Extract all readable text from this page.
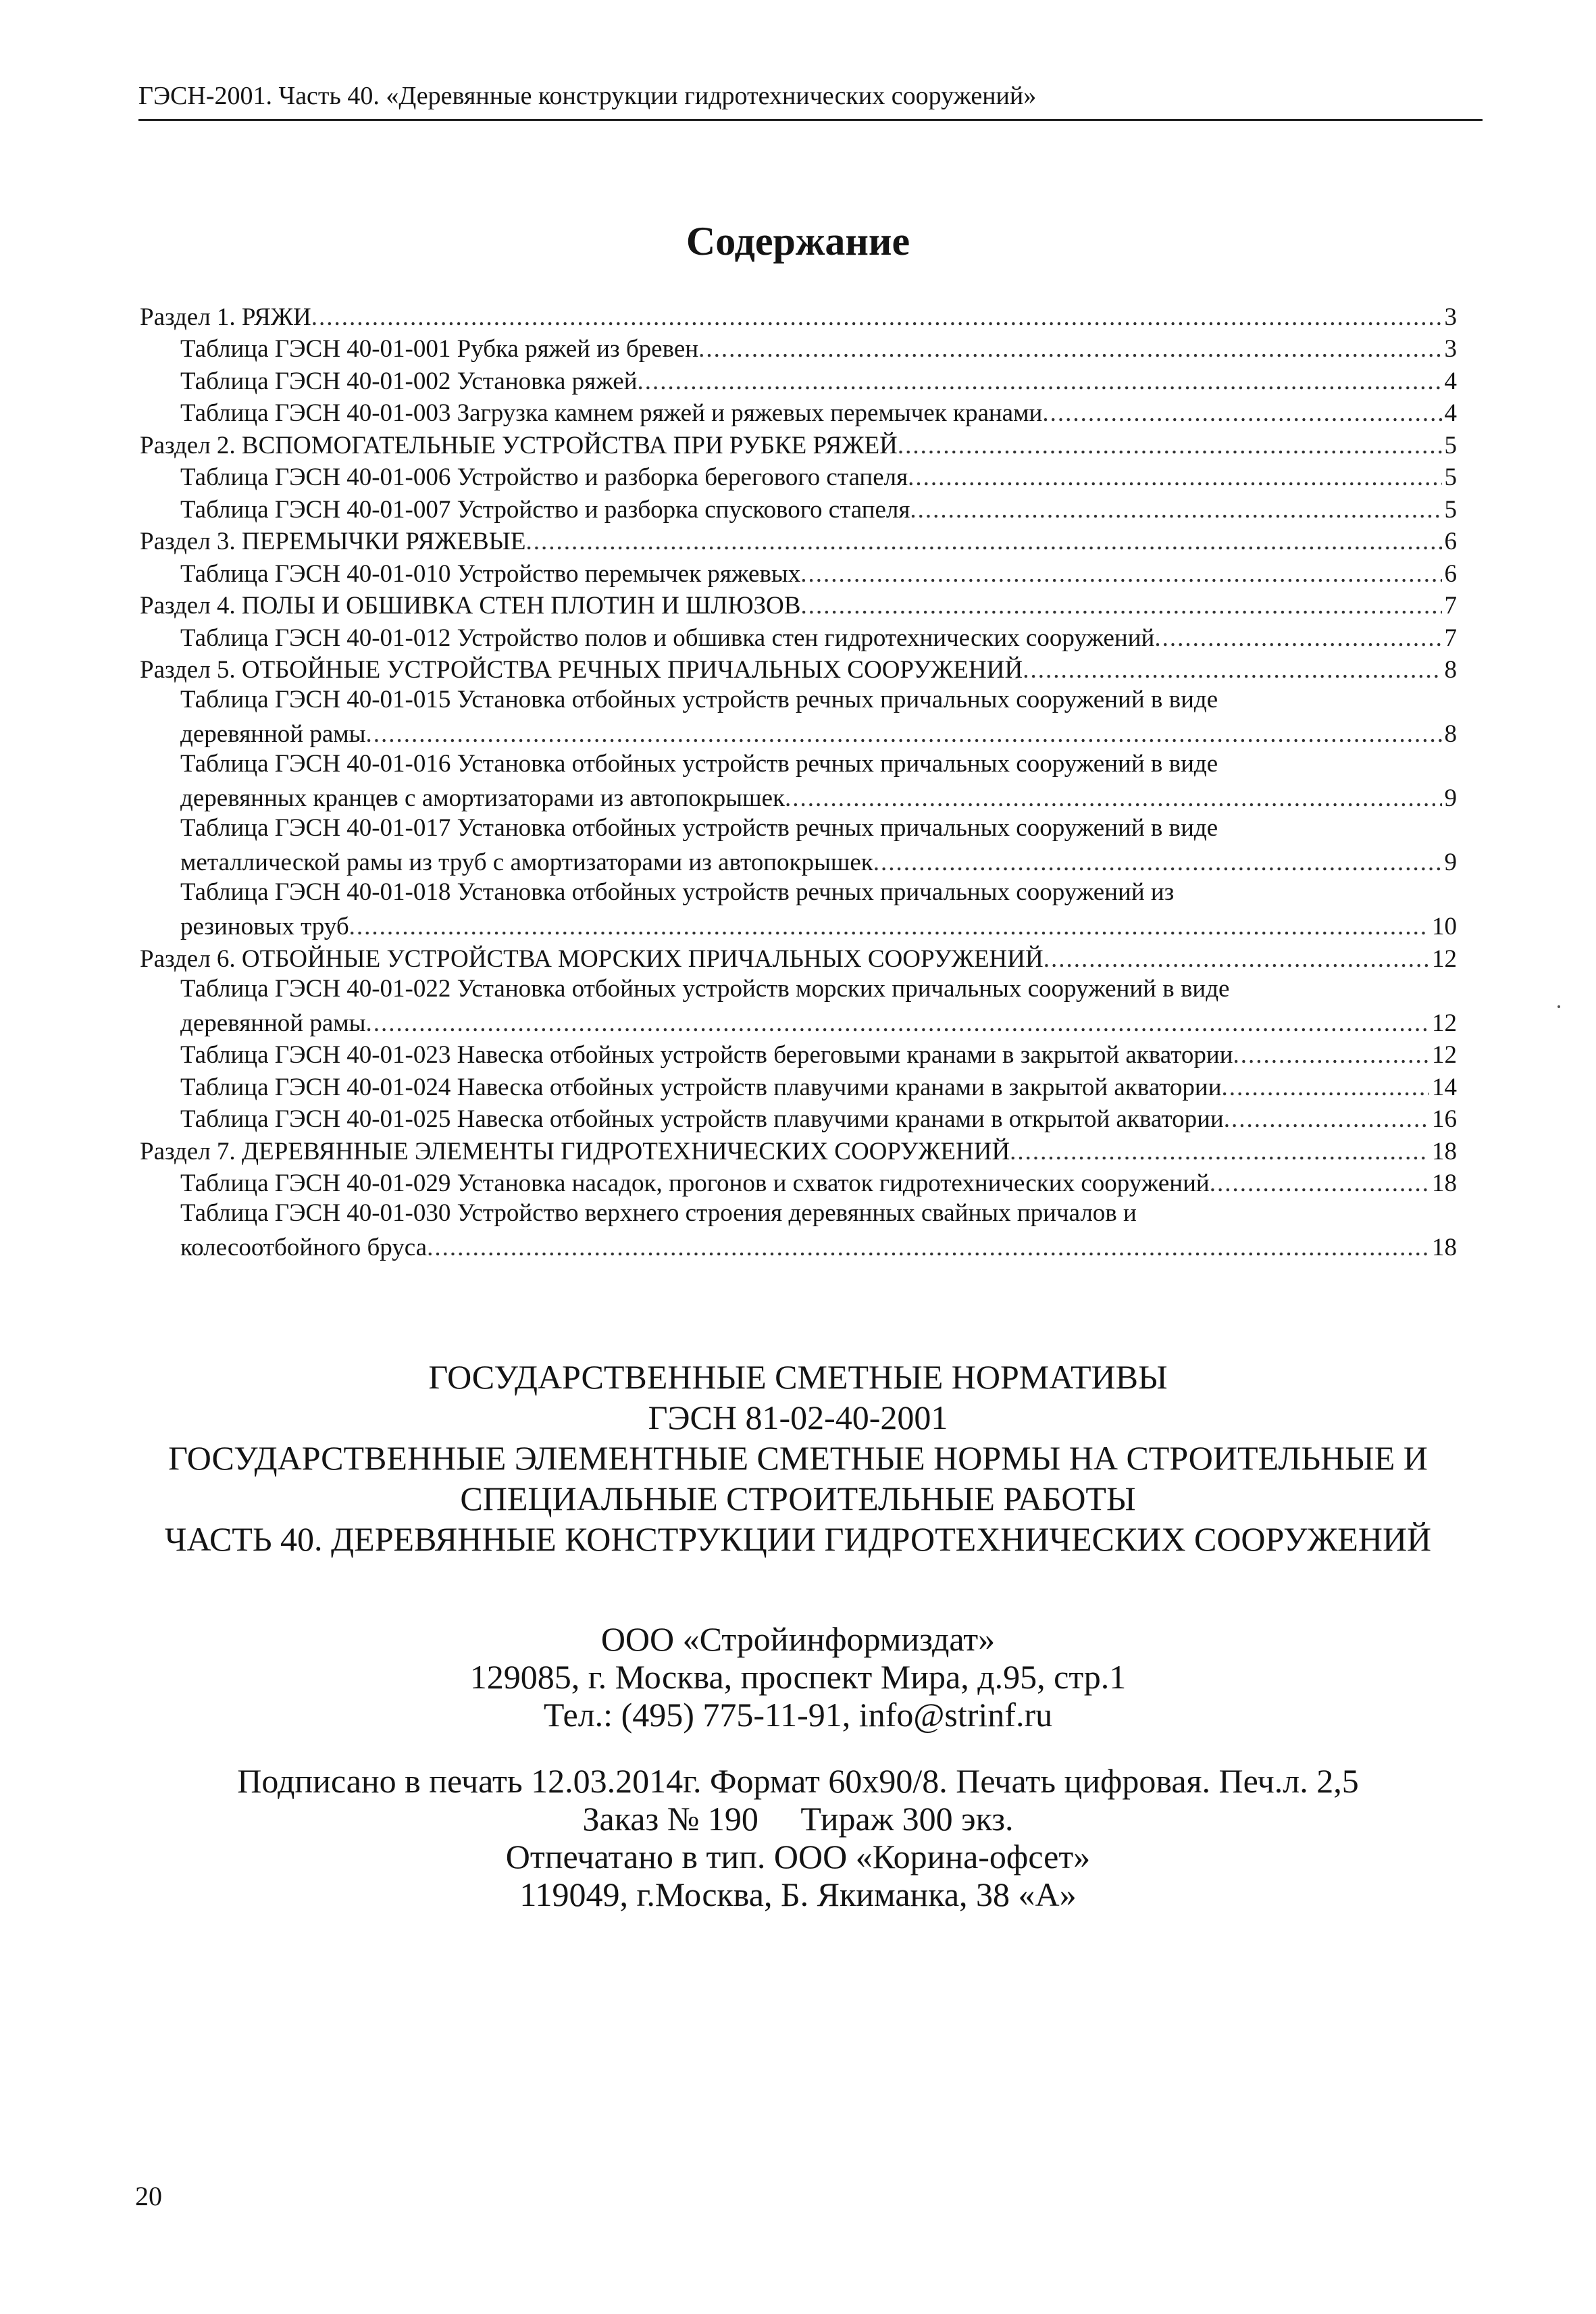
ГЭСН-2001. Часть 40. «Деревянные конструкции гидротехнических сооружений»
Содержание
Раздел 1. РЯЖИ .....	3
Таблица ГЭСН 40-01-001 Рубка ряжей из бревен .....	3
Таблица ГЭСН 40-01-002 Установка ряжей .....	4
Таблица ГЭСН 40-01-003 Загрузка камнем ряжей и ряжевых перемычек кранами .....	4
Раздел 2. ВСПОМОГАТЕЛЬНЫЕ УСТРОЙСТВА ПРИ РУБКЕ РЯЖЕЙ .....	5
Таблица ГЭСН 40-01-006 Устройство и разборка берегового стапеля .....	5
Таблица ГЭСН 40-01-007 Устройство и разборка спускового стапеля .....	5
Раздел 3. ПЕРЕМЫЧКИ РЯЖЕВЫЕ .....	6
Таблица ГЭСН 40-01-010 Устройство перемычек ряжевых .....	6
Раздел 4. ПОЛЫ И ОБШИВКА СТЕН ПЛОТИН И ШЛЮЗОВ .....	7
Таблица ГЭСН 40-01-012 Устройство полов и обшивка стен гидротехнических сооружений .....	7
Раздел 5. ОТБОЙНЫЕ УСТРОЙСТВА РЕЧНЫХ ПРИЧАЛЬНЫХ СООРУЖЕНИЙ .....	8
Таблица ГЭСН 40-01-015 Установка отбойных устройств речных причальных сооружений в виде
деревянной рамы .....	8
Таблица ГЭСН 40-01-016 Установка отбойных устройств речных причальных сооружений в виде
деревянных кранцев с амортизаторами из автопокрышек .....	9
Таблица ГЭСН 40-01-017 Установка отбойных устройств речных причальных сооружений в виде
металлической рамы из труб с амортизаторами из автопокрышек .....	9
Таблица ГЭСН 40-01-018 Установка отбойных устройств речных причальных сооружений из
резиновых труб .....	10
Раздел 6. ОТБОЙНЫЕ УСТРОЙСТВА МОРСКИХ ПРИЧАЛЬНЫХ СООРУЖЕНИЙ .....	12
Таблица ГЭСН 40-01-022 Установка отбойных устройств морских причальных сооружений в виде
деревянной рамы .....	12
Таблица ГЭСН 40-01-023 Навеска отбойных устройств береговыми кранами в закрытой акватории .....	12
Таблица ГЭСН 40-01-024 Навеска отбойных устройств плавучими кранами в закрытой акватории .....	14
Таблица ГЭСН 40-01-025 Навеска отбойных устройств плавучими кранами в открытой акватории .....	16
Раздел 7. ДЕРЕВЯННЫЕ ЭЛЕМЕНТЫ ГИДРОТЕХНИЧЕСКИХ СООРУЖЕНИЙ .....	18
Таблица ГЭСН 40-01-029 Установка насадок, прогонов и схваток гидротехнических сооружений .....	18
Таблица ГЭСН 40-01-030 Устройство верхнего строения деревянных свайных причалов и
колесоотбойного бруса .....	18
ГОСУДАРСТВЕННЫЕ СМЕТНЫЕ НОРМАТИВЫ
ГЭСН 81-02-40-2001
ГОСУДАРСТВЕННЫЕ ЭЛЕМЕНТНЫЕ СМЕТНЫЕ НОРМЫ НА СТРОИТЕЛЬНЫЕ И
СПЕЦИАЛЬНЫЕ СТРОИТЕЛЬНЫЕ РАБОТЫ
ЧАСТЬ 40. ДЕРЕВЯННЫЕ КОНСТРУКЦИИ ГИДРОТЕХНИЧЕСКИХ СООРУЖЕНИЙ
ООО «Стройинформиздат»
129085, г. Москва, проспект Мира, д.95, стр.1
Тел.: (495) 775-11-91, info@strinf.ru
Подписано в печать 12.03.2014г. Формат 60х90/8. Печать цифровая. Печ.л. 2,5
Заказ № 190     Тираж 300 экз.
Отпечатано в тип. ООО «Корина-офсет»
119049, г.Москва, Б. Якиманка, 38 «А»
20
